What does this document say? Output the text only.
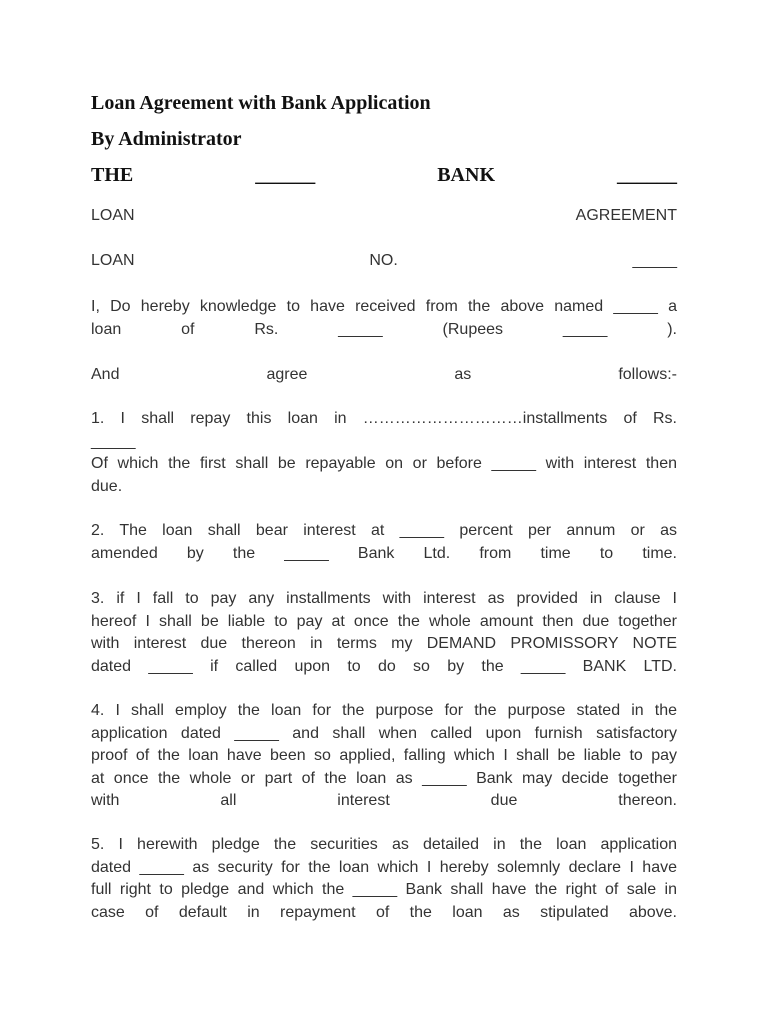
Loan Agreement with Bank Application
By Administrator
THE	______	BANK	______
LOAN	AGREEMENT
LOAN	NO.	_____

I, Do hereby knowledge to have received from the above named _____ a
loan of Rs. _____ (Rupees _____ ).

And agree as follows:-

1. I shall repay this loan in …………………………installments of Rs.
_____

Of which the first shall be repayable on or before _____ with interest then
due.

2. The loan shall bear interest at _____ percent per annum or as
amended by the _____ Bank Ltd. from time to time.

3. if I fall to pay any installments with interest as provided in clause I
hereof I shall be liable to pay at once the whole amount then due together
with interest due thereon in terms my DEMAND PROMISSORY NOTE
dated _____ if called upon to do so by the _____ BANK LTD.

4. I shall employ the loan for the purpose for the purpose stated in the
application dated _____ and shall when called upon furnish satisfactory
proof of the loan have been so applied, falling which I shall be liable to pay
at once the whole or part of the loan as _____ Bank may decide together
with all interest due thereon.

5. I herewith pledge the securities as detailed in the loan application
dated _____ as security for the loan which I hereby solemnly declare I have
full right to pledge and which the _____ Bank shall have the right of sale in
case of default in repayment of the loan as stipulated above.
